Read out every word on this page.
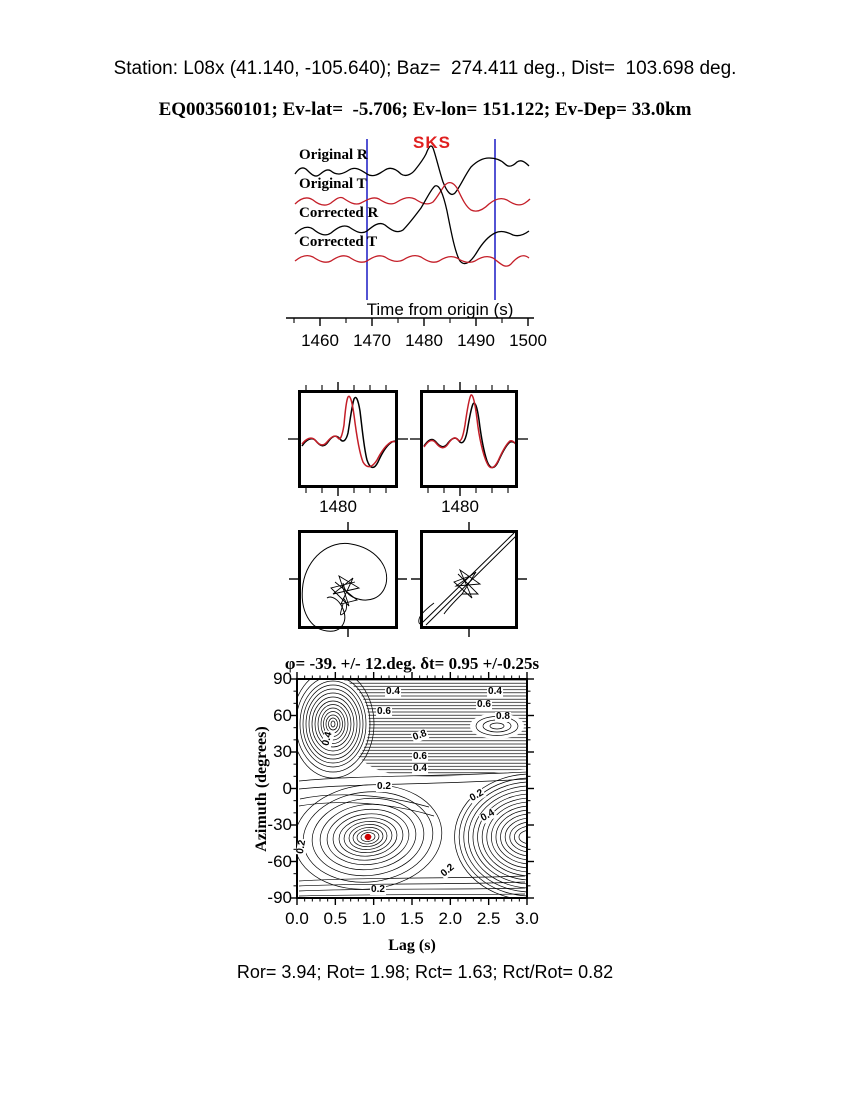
Station: L08x (41.140, -105.640); Baz=  274.411 deg., Dist=  103.698 deg.
EQ003560101; Ev-lat=  -5.706; Ev-lon= 151.122; Ev-Dep= 33.0km
SKS
Original R
Original T
Corrected R
Corrected T
Time from origin (s)
1460 1470 1480 1490 1500
1480	1480
φ= -39. +/- 12.deg. δt= 0.95 +/-0.25s
Azimuth (degrees)
90
60
30
0
-30
-60
-90
0.0 0.5 1.0 1.5 2.0 2.5 3.0
0.4
0.6
0.4
0.6
0.8
0.4	0.8
0.6
0.4
0.2
0.2
0.4
0.2
0.2
0.2
Lag (s)
Ror= 3.94; Rot= 1.98; Rct= 1.63; Rct/Rot= 0.82
